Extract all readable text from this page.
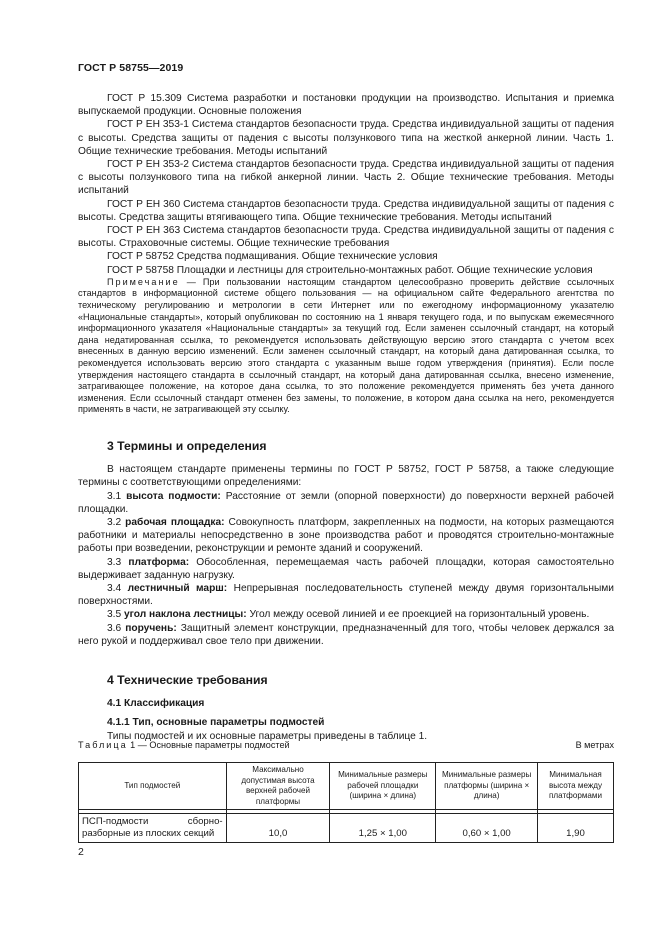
ГОСТ Р 58755—2019

ГОСТ Р 15.309 Система разработки и постановки продукции на производство. Испытания и приемка выпускаемой продукции. Основные положения

ГОСТ Р ЕН 353-1 Система стандартов безопасности труда. Средства индивидуальной защиты от падения с высоты. Средства защиты от падения с высоты ползункового типа на жесткой анкерной линии. Часть 1. Общие технические требования. Методы испытаний

ГОСТ Р ЕН 353-2 Система стандартов безопасности труда. Средства индивидуальной защиты от падения с высоты ползункового типа на гибкой анкерной линии. Часть 2. Общие технические требования. Методы испытаний

ГОСТ Р ЕН 360 Система стандартов безопасности труда. Средства индивидуальной защиты от падения с высоты. Средства защиты втягивающего типа. Общие технические требования. Методы испытаний

ГОСТ Р ЕН 363 Система стандартов безопасности труда. Средства индивидуальной защиты от падения с высоты. Страховочные системы. Общие технические требования

ГОСТ Р 58752 Средства подмащивания. Общие технические условия

ГОСТ Р 58758 Площадки и лестницы для строительно-монтажных работ. Общие технические условия

Примечание — При пользовании настоящим стандартом целесообразно проверить действие ссылочных стандартов в информационной системе общего пользования — на официальном сайте Федерального агентства по техническому регулированию и метрологии в сети Интернет или по ежегодному информационному указателю «Национальные стандарты», который опубликован по состоянию на 1 января текущего года, и по выпускам ежемесячного информационного указателя «Национальные стандарты» за текущий год. Если заменен ссылочный стандарт, на который дана недатированная ссылка, то рекомендуется использовать действующую версию этого стандарта с учетом всех внесенных в данную версию изменений. Если заменен ссылочный стандарт, на который дана датированная ссылка, то рекомендуется использовать версию этого стандарта с указанным выше годом утверждения (принятия). Если после утверждения настоящего стандарта в ссылочный стандарт, на который дана датированная ссылка, внесено изменение, затрагивающее положение, на которое дана ссылка, то это положение рекомендуется применять без учета данного изменения. Если ссылочный стандарт отменен без замены, то положение, в котором дана ссылка на него, рекомендуется применять в части, не затрагивающей эту ссылку.

3 Термины и определения

В настоящем стандарте применены термины по ГОСТ Р 58752, ГОСТ Р 58758, а также следующие термины с соответствующими определениями:

3.1 высота подмости: Расстояние от земли (опорной поверхности) до поверхности верхней рабочей площадки.

3.2 рабочая площадка: Совокупность платформ, закрепленных на подмости, на которых размещаются работники и материалы непосредственно в зоне производства работ и проводятся строительно-монтажные работы при возведении, реконструкции и ремонте зданий и сооружений.

3.3 платформа: Обособленная, перемещаемая часть рабочей площадки, которая самостоятельно выдерживает заданную нагрузку.

3.4 лестничный марш: Непрерывная последовательность ступеней между двумя горизонтальными поверхностями.

3.5 угол наклона лестницы: Угол между осевой линией и ее проекцией на горизонтальный уровень.

3.6 поручень: Защитный элемент конструкции, предназначенный для того, чтобы человек держался за него рукой и поддерживал свое тело при движении.

4 Технические требования
4.1 Классификация
4.1.1 Тип, основные параметры подмостей

Типы подмостей и их основные параметры приведены в таблице 1.

Таблица 1 — Основные параметры подмостей	В метрах
Тип подмостей	Максимально допустимая высота верхней рабочей платформы	Минимальные размеры рабочей площадки (ширина × длина)	Минимальные размеры платформы (ширина × длина)	Минимальная высота между платформами

ПСП-подмости сборно-разборные из плоских секций	10,0	1,25 × 1,00	0,60 × 1,00	1,90
2
